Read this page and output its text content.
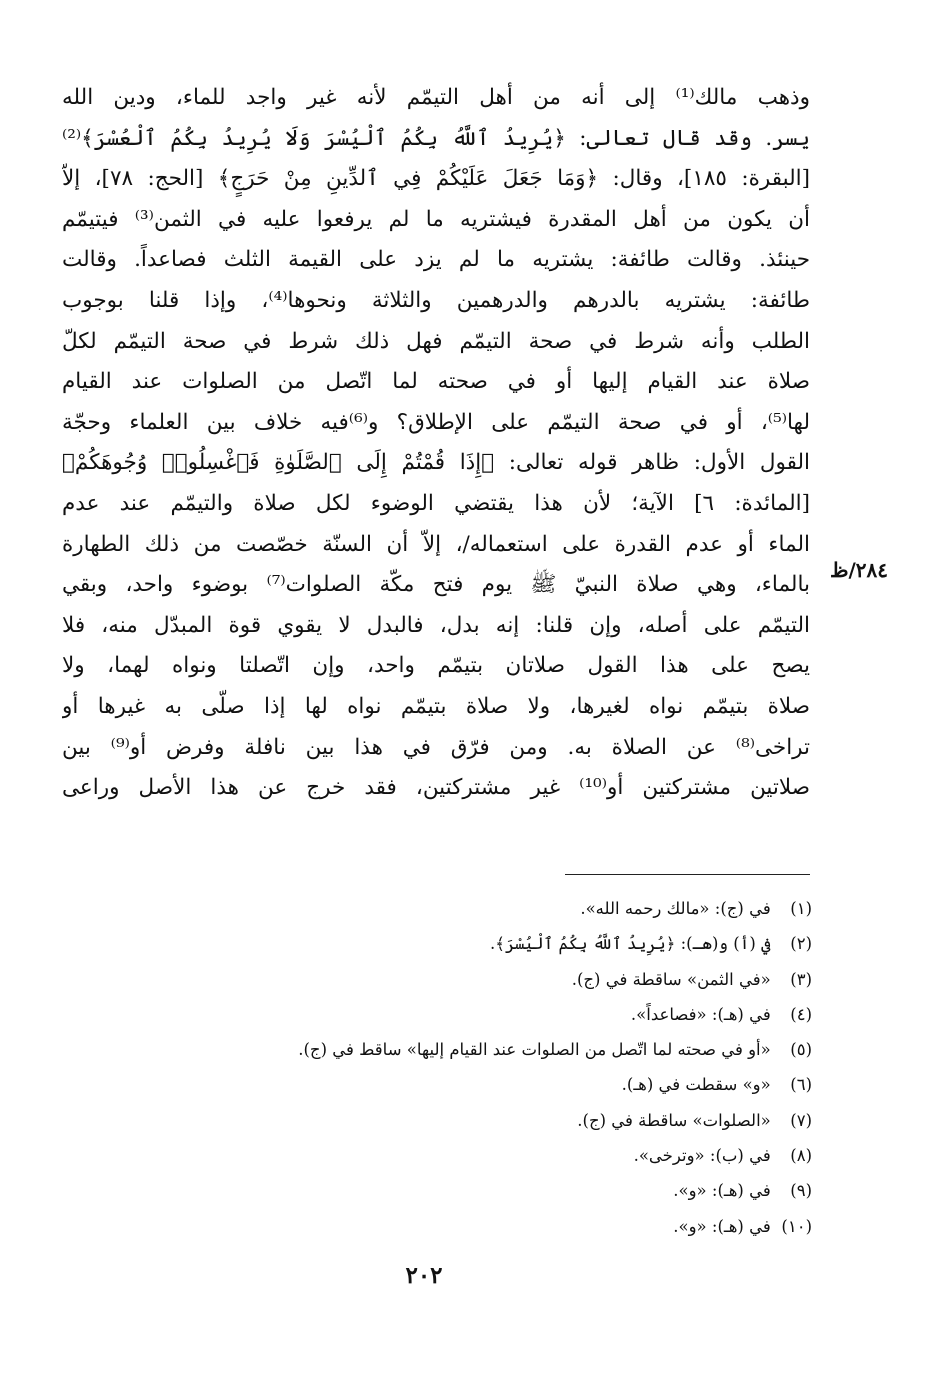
وذهب مالك⁽¹⁾ إلى أنه من أهل التيمّم لأنه غير واجد للماء، ودين الله
يسر. وقد قال تعالى: ﴿يُرِيدُ ٱللَّهُ بِكُمُ ٱلْيُسْرَ وَلَا يُرِيدُ بِكُمُ ٱلْعُسْرَ﴾⁽²⁾
[البقرة: ١٨٥]، وقال: ﴿وَمَا جَعَلَ عَلَيْكُمْ فِي ٱلدِّينِ مِنْ حَرَجٍ﴾ [الحج: ٧٨]، إلاّ
أن يكون من أهل المقدرة فيشتريه ما لم يرفعوا عليه في الثمن⁽³⁾ فيتيمّم
حينئذ. وقالت طائفة: يشتريه ما لم يزد على القيمة الثلث فصاعداً. وقالت
طائفة: يشتريه بالدرهم والدرهمين والثلاثة ونحوها⁽⁴⁾، وإذا قلنا بوجوب
الطلب وأنه شرط في صحة التيمّم فهل ذلك شرط في صحة التيمّم لكلّ
صلاة عند القيام إليها أو في صحته لما اتّصل من الصلوات عند القيام
لها⁽⁵⁾، أو في صحة التيمّم على الإطلاق؟ و⁽⁶⁾فيه خلاف بين العلماء وحجّة
القول الأول: ظاهر قوله تعالى: ﴿إِذَا قُمْتُمْ إِلَى ٱلصَّلَوٰةِ فَٱغْسِلُوا۟ وُجُوهَكُمْ﴾
[المائدة: ٦] الآية؛ لأن هذا يقتضي الوضوء لكل صلاة والتيمّم عند عدم
الماء أو عدم القدرة على استعماله/، إلاّ أن السنّة خصّصت من ذلك الطهارة
بالماء، وهي صلاة النبيّ ﷺ يوم فتح مكّة الصلوات⁽⁷⁾ بوضوء واحد، وبقي
التيمّم على أصله، وإن قلنا: إنه بدل، فالبدل لا يقوي قوة المبدّل منه، فلا
يصح على هذا القول صلاتان بتيمّم واحد، وإن اتّصلتا ونواه لهما، ولا
صلاة بتيمّم نواه لغيرها، ولا صلاة بتيمّم نواه لها إذا صلّى به غيرها أو
تراخى⁽⁸⁾ عن الصلاة به. ومن فرّق في هذا بين نافلة وفرض أو⁽⁹⁾ بين
صلاتين مشتركتين أو⁽¹⁰⁾ غير مشتركتين، فقد خرج عن هذا الأصل وراعى
٢٨٤/ظ
(١) في (ج): «مالك رحمه الله».
(٢) في (أ) و(هـ): ﴿يُرِيدُ ٱللَّهُ بِكُمُ ٱلْيُسْرَ﴾.
(٣) «في الثمن» ساقطة في (ج).
(٤) في (هـ): «فصاعداً».
(٥) «أو في صحته لما اتّصل من الصلوات عند القيام إليها» ساقط في (ج).
(٦) «و» سقطت في (هـ).
(٧) «الصلوات» ساقطة في (ج).
(٨) في (ب): «وترخى».
(٩) في (هـ): «و».
(١٠) في (هـ): «و».
٢٠٢
